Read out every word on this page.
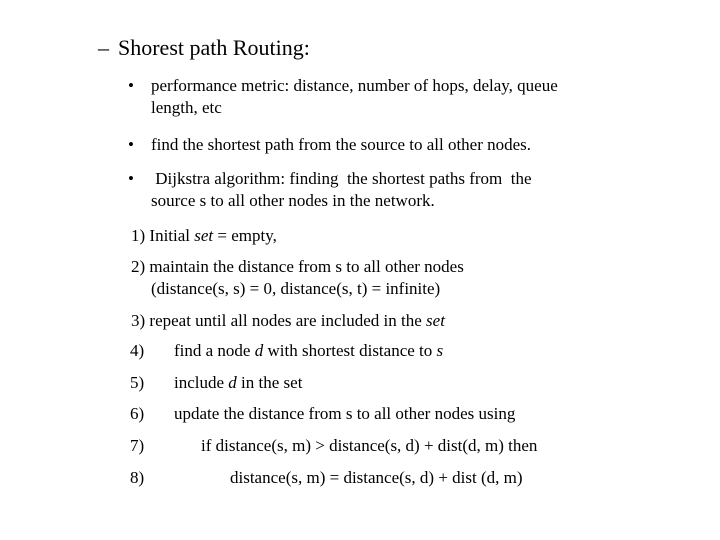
– Shorest path Routing:
• performance metric: distance, number of hops, delay, queue
length, etc
• find the shortest path from the source to all other nodes.
• Dijkstra algorithm: finding  the shortest paths from  the
source s to all other nodes in the network.
1) Initial set = empty,
2) maintain the distance from s to all other nodes
(distance(s, s) = 0, distance(s, t) = infinite)
3) repeat until all nodes are included in the set
4) find a node d with shortest distance to s
5) include d in the set
6) update the distance from s to all other nodes using
7)	if distance(s, m) > distance(s, d) + dist(d, m) then
8)	distance(s, m) = distance(s, d) + dist (d, m)
